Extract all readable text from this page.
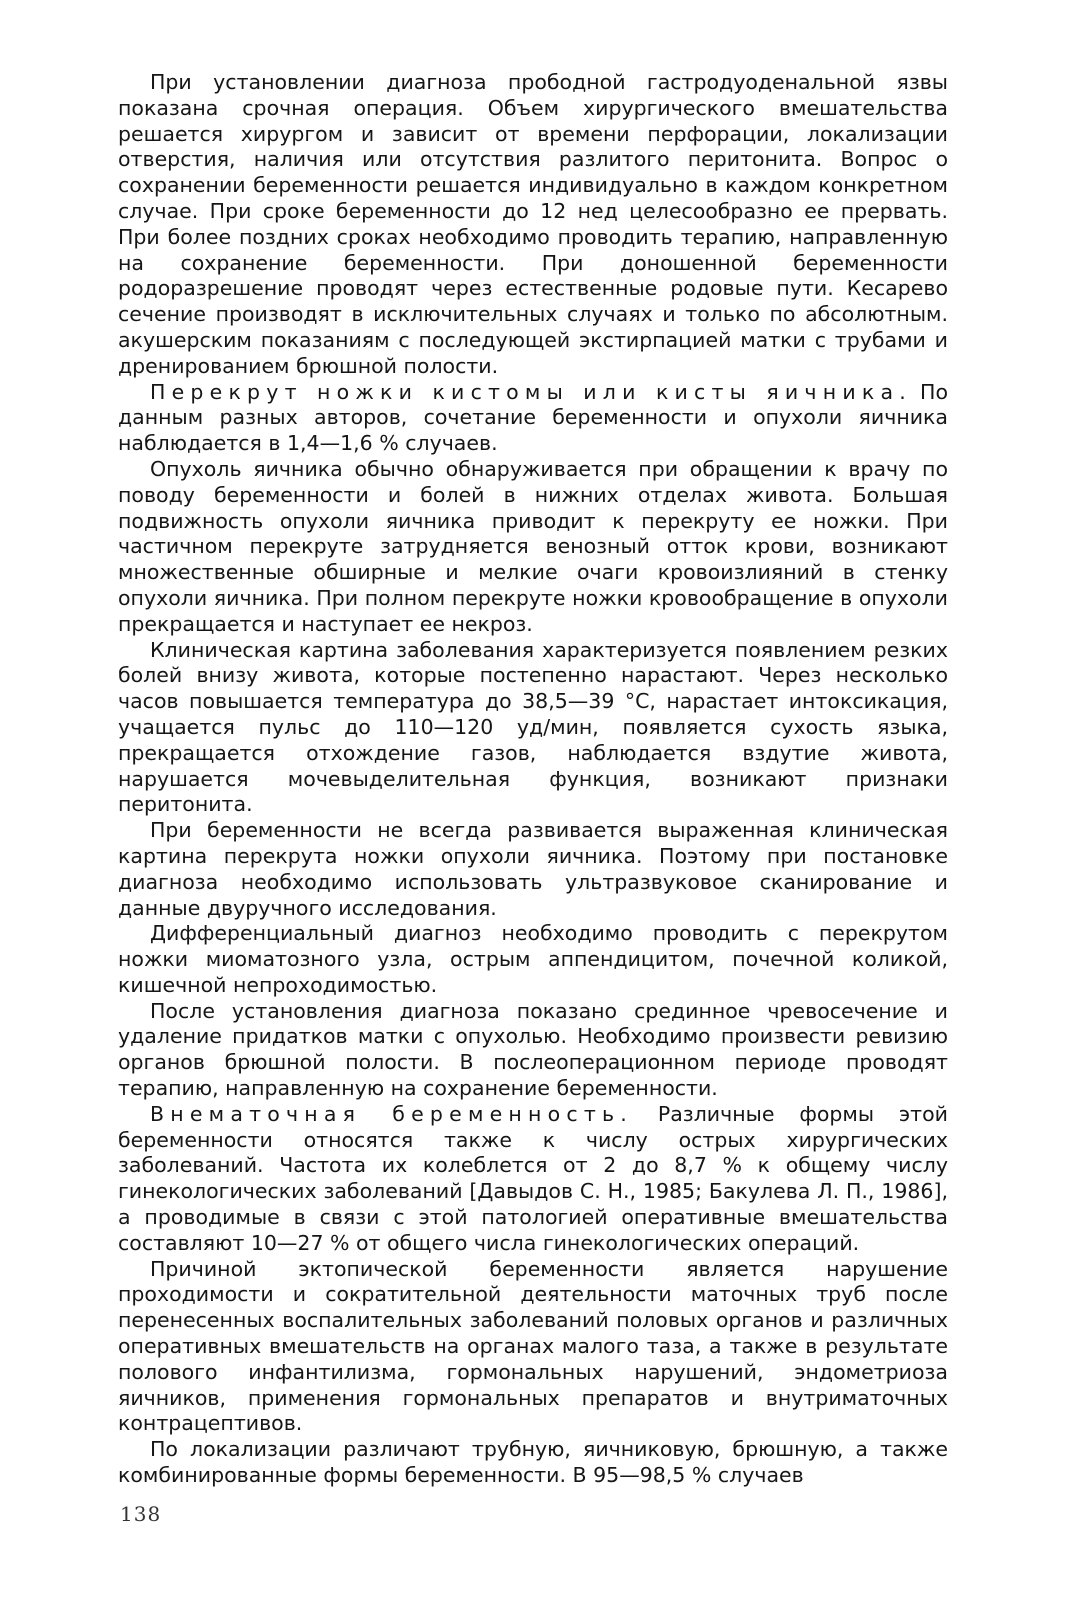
При установлении диагноза прободной гастродуоденальной язвы показана срочная операция. Объем хирургического вмешательства решается хирургом и зависит от времени перфорации, локализации отверстия, наличия или отсутствия разлитого перитонита. Вопрос о сохранении беременности решается индивидуально в каждом конкретном случае. При сроке беременности до 12 нед целесообразно ее прервать. При более поздних сроках необходимо проводить терапию, направленную на сохранение беременности. При доношенной беременности родоразрешение проводят через естественные родовые пути. Кесарево сечение производят в исключительных случаях и только по абсолютным. акушерским показаниям с последующей экстирпацией матки с трубами и дренированием брюшной полости.

Перекрут ножки кистомы или кисты яичника. По данным разных авторов, сочетание беременности и опухоли яичника наблюдается в 1,4—1,6 % случаев.

Опухоль яичника обычно обнаруживается при обращении к врачу по поводу беременности и болей в нижних отделах живота. Большая подвижность опухоли яичника приводит к перекруту ее ножки. При частичном перекруте затрудняется венозный отток крови, возникают множественные обширные и мелкие очаги кровоизлияний в стенку опухоли яичника. При полном перекруте ножки кровообращение в опухоли прекращается и наступает ее некроз.

Клиническая картина заболевания характеризуется появлением резких болей внизу живота, которые постепенно нарастают. Через несколько часов повышается температура до 38,5—39 °С, нарастает интоксикация, учащается пульс до 110—120 уд/мин, появляется сухость языка, прекращается отхождение газов, наблюдается вздутие живота, нарушается мочевыделительная функция, возникают признаки перитонита.

При беременности не всегда развивается выраженная клиническая картина перекрута ножки опухоли яичника. Поэтому при постановке диагноза необходимо использовать ультразвуковое сканирование и данные двуручного исследования.

Дифференциальный диагноз необходимо проводить с перекрутом ножки миоматозного узла, острым аппендицитом, почечной коликой, кишечной непроходимостью.

После установления диагноза показано срединное чревосечение и удаление придатков матки с опухолью. Необходимо произвести ревизию органов брюшной полости. В послеоперационном периоде проводят терапию, направленную на сохранение беременности.

Внематочная беременность. Различные формы этой беременности относятся также к числу острых хирургических заболеваний. Частота их колеблется от 2 до 8,7 % к общему числу гинекологических заболеваний [Давыдов С. Н., 1985; Бакулева Л. П., 1986], а проводимые в связи с этой патологией оперативные вмешательства составляют 10—27 % от общего числа гинекологических операций.

Причиной эктопической беременности является нарушение проходимости и сократительной деятельности маточных труб после перенесенных воспалительных заболеваний половых органов и различных оперативных вмешательств на органах малого таза, а также в результате полового инфантилизма, гормональных нарушений, эндометриоза яичников, применения гормональных препаратов и внутриматочных контрацептивов.

По локализации различают трубную, яичниковую, брюшную, а также комбинированные формы беременности. В 95—98,5 % случаев

138
